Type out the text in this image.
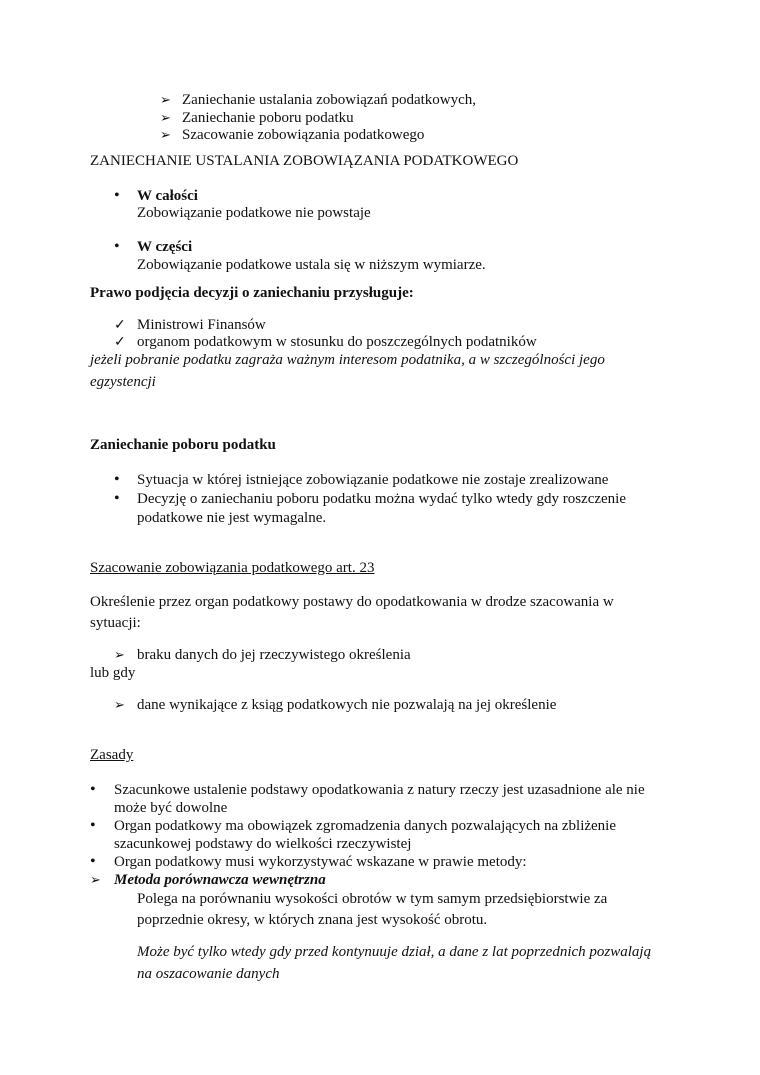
➢
Zaniechanie ustalania zobowiązań podatkowych,
➢
Zaniechanie poboru podatku
➢
Szacowanie zobowiązania podatkowego
ZANIECHANIE USTALANIA ZOBOWIĄZANIA PODATKOWEGO
•
W całości
Zobowiązanie podatkowe nie powstaje
•
W części
Zobowiązanie podatkowe ustala się w niższym wymiarze.
Prawo podjęcia decyzji o zaniechaniu przysługuje:
✓
Ministrowi Finansów
✓
organom podatkowym w stosunku do poszczególnych podatników
jeżeli pobranie podatku zagraża ważnym interesom podatnika, a w szczególności jego
egzystencji
Zaniechanie poboru podatku
•
Sytuacja w której istniejące zobowiązanie podatkowe nie zostaje zrealizowane
•
Decyzję o zaniechaniu poboru podatku można wydać tylko wtedy gdy roszczenie
podatkowe nie jest wymagalne.
Szacowanie zobowiązania podatkowego art. 23
Określenie przez organ podatkowy postawy do opodatkowania w drodze szacowania w
sytuacji:
➢
braku danych do jej rzeczywistego określenia
lub gdy
➢
dane wynikające z ksiąg podatkowych nie pozwalają na jej określenie
Zasady
•
Szacunkowe ustalenie podstawy opodatkowania z natury rzeczy jest uzasadnione ale nie
może być dowolne
•
Organ podatkowy ma obowiązek zgromadzenia danych pozwalających na zbliżenie
szacunkowej podstawy do wielkości rzeczywistej
•
Organ podatkowy musi wykorzystywać wskazane w prawie metody:
➢
Metoda porównawcza wewnętrzna
Polega na porównaniu wysokości obrotów w tym samym przedsiębiorstwie za
poprzednie okresy, w których znana jest wysokość obrotu.
Może być tylko wtedy gdy przed kontynuuje dział, a dane z lat poprzednich pozwalają
na oszacowanie danych
